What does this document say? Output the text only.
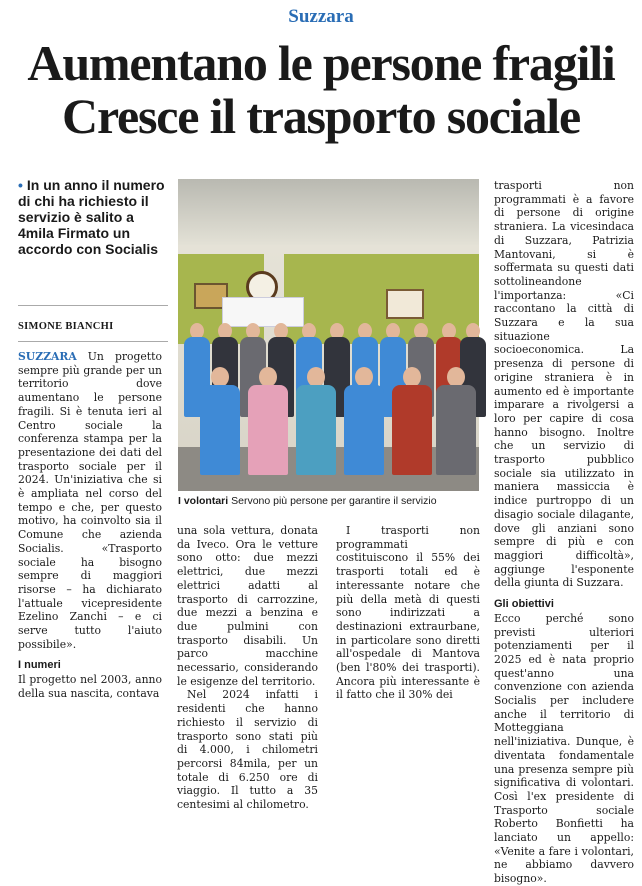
Suzzara
Aumentano le persone fragili
Cresce il trasporto sociale
• In un anno il numero di chi ha richiesto il servizio è salito a 4mila Firmato un accordo con Socialis
SIMONE BIANCHI
I volontari Servono più persone per garantire il servizio

SUZZARA Un progetto sempre più grande per un territorio dove aumentano le persone fragili. Si è tenuta ieri al Centro sociale la conferenza stampa per la presentazione dei dati del trasporto sociale per il 2024. Un'iniziativa che si è ampliata nel corso del tempo e che, per questo motivo, ha coinvolto sia il Comune che azienda Socialis. «Trasporto sociale ha bisogno sempre di maggiori risorse – ha dichiarato l'attuale vicepresidente Ezelino Zanchi – e ci serve tutto l'aiuto possibile».

I numeri

Il progetto nel 2003, anno della sua nascita, contava

una sola vettura, donata da Iveco. Ora le vetture sono otto: due mezzi elettrici, due mezzi elettrici adatti al trasporto di carrozzine, due mezzi a benzina e due pulmini con trasporto disabili. Un parco macchine necessario, considerando le esigenze del territorio.

Nel 2024 infatti i residenti che hanno richiesto il servizio di trasporto sono stati più di 4.000, i chilometri percorsi 84mila, per un totale di 6.250 ore di viaggio. Il tutto a 35 centesimi al chilometro.

I trasporti non programmati costituiscono il 55% dei trasporti totali ed è interessante notare che più della metà di questi sono indirizzati a destinazioni extraurbane, in particolare sono diretti all'ospedale di Mantova (ben l'80% dei trasporti). Ancora più interessante è il fatto che il 30% dei

trasporti non programmati è a favore di persone di origine straniera. La vicesindaca di Suzzara, Patrizia Mantovani, si è soffermata su questi dati sottolineandone l'importanza: «Ci raccontano la città di Suzzara e la sua situazione socioeconomica. La presenza di persone di origine straniera è in aumento ed è importante imparare a rivolgersi a loro per capire di cosa hanno bisogno. Inoltre che un servizio di trasporto pubblico sociale sia utilizzato in maniera massiccia è indice purtroppo di un disagio sociale dilagante, dove gli anziani sono sempre di più e con maggiori difficoltà», aggiunge l'esponente della giunta di Suzzara.

Gli obiettivi

Ecco perché sono previsti ulteriori potenziamenti per il 2025 ed è nata proprio quest'anno una convenzione con azienda Socialis per includere anche il territorio di Motteggiana nell'iniziativa. Dunque, è diventata fondamentale una presenza sempre più significativa di volontari. Così l'ex presidente di Trasporto sociale Roberto Bonfietti ha lanciato un appello: «Venite a fare i volontari, ne abbiamo davvero bisogno».
